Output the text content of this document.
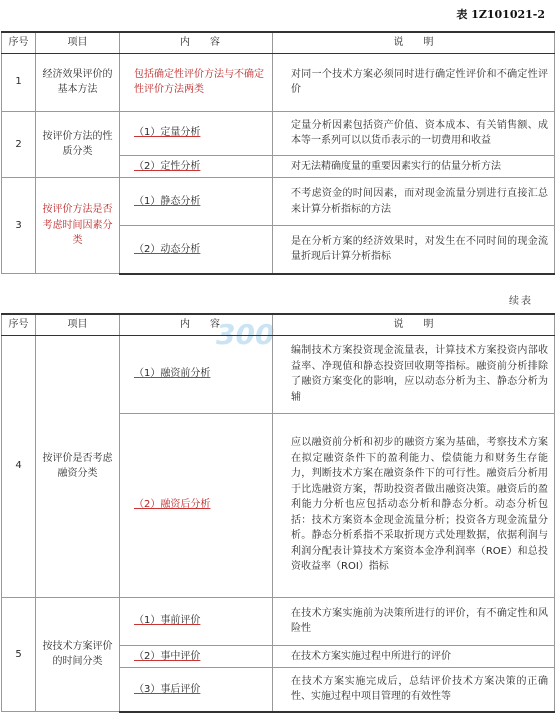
表 1Z101021-2
序号	项目	内　　容	说　　明
1	经济效果评价的基本方法	包括确定性评价方法与不确定性评价方法两类	对同一个技术方案必须同时进行确定性评价和不确定性评价
2	按评价方法的性质分类	（1）定量分析	定量分析因素包括资产价值、资本成本、有关销售额、成本等一系列可以以货币表示的一切费用和收益
		（2）定性分析	对无法精确度量的重要因素实行的估量分析方法
3	按评价方法是否考虑时间因素分类	（1）静态分析	不考虑资金的时间因素，而对现金流量分别进行直接汇总来计算分析指标的方法
		（2）动态分析	是在分析方案的经济效果时，对发生在不同时间的现金流量折现后计算分析指标
续表
300
序号	项目	内　　容	说　　明
4	按评价是否考虑融资分类	（1）融资前分析	编制技术方案投资现金流量表，计算技术方案投资内部收益率、净现值和静态投资回收期等指标。融资前分析排除了融资方案变化的影响，应以动态分析为主、静态分析为辅
		（2）融资后分析	应以融资前分析和初步的融资方案为基础，考察技术方案在拟定融资条件下的盈利能力、偿债能力和财务生存能力，判断技术方案在融资条件下的可行性。融资后分析用于比选融资方案，帮助投资者做出融资决策。融资后的盈利能力分析也应包括动态分析和静态分析。动态分析包括：技术方案资本金现金流量分析；投资各方现金流量分析。静态分析系指不采取折现方式处理数据，依据利润与利润分配表计算技术方案资本金净利润率（ROE）和总投资收益率（ROI）指标
5	按技术方案评价的时间分类	（1）事前评价	在技术方案实施前为决策所进行的评价，有不确定性和风险性
		（2）事中评价	在技术方案实施过程中所进行的评价
		（3）事后评价	在技术方案实施完成后，总结评价技术方案决策的正确性、实施过程中项目管理的有效性等
